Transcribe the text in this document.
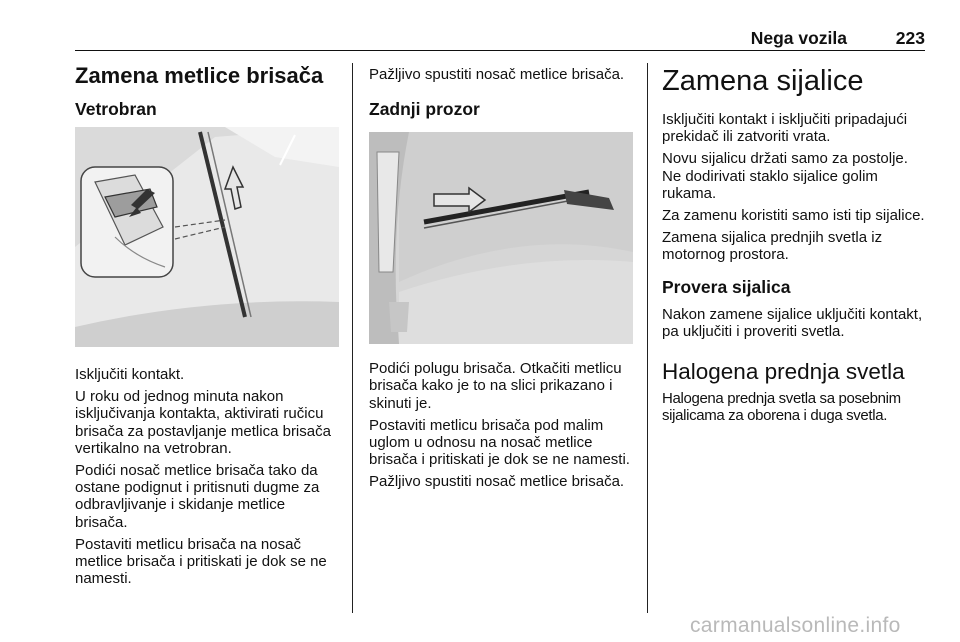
Nega vozila	223
Zamena metlice brisača
Vetrobran

Isključiti kontakt.

U roku od jednog minuta nakon isključivanja kontakta, aktivirati ručicu brisača za postavljanje metlica brisača vertikalno na vetrobran.

Podići nosač metlice brisača tako da ostane podignut i pritisnuti dugme za odbravljivanje i skidanje metlice brisača.

Postaviti metlicu brisača na nosač metlice brisača i pritiskati je dok se ne namesti.

Pažljivo spustiti nosač metlice brisača.

Zadnji prozor

Podići polugu brisača. Otkačiti metlicu brisača kako je to na slici prikazano i skinuti je.

Postaviti metlicu brisača pod malim uglom u odnosu na nosač metlice brisača i pritiskati je dok se ne namesti.

Pažljivo spustiti nosač metlice brisača.

Zamena sijalice

Isključiti kontakt i isključiti pripadajući prekidač ili zatvoriti vrata.

Novu sijalicu držati samo za postolje. Ne dodirivati staklo sijalice golim rukama.

Za zamenu koristiti samo isti tip sijalice.

Zamena sijalica prednjih svetla iz motornog prostora.

Provera sijalica

Nakon zamene sijalice uključiti kontakt, pa uključiti i proveriti svetla.

Halogena prednja svetla

Halogena prednja svetla sa posebnim sijalicama za oborena i duga svetla.

carmanualsonline.info
